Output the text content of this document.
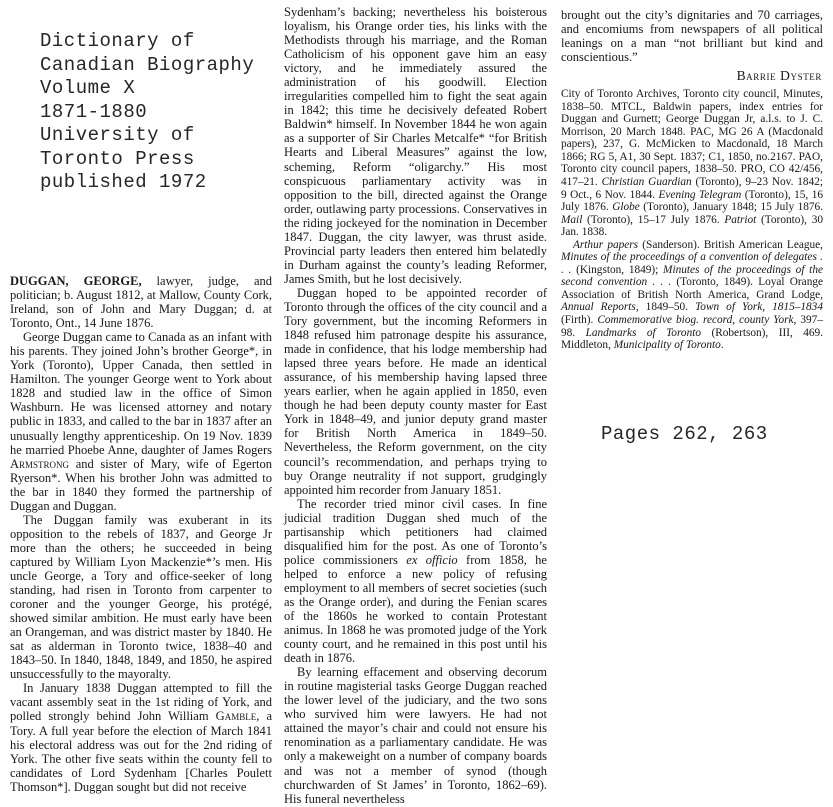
Dictionary of
Canadian Biography
Volume X
1871-1880
University of
Toronto Press
published 1972

DUGGAN, GEORGE, lawyer, judge, and politician; b. August 1812, at Mallow, County Cork, Ireland, son of John and Mary Duggan; d. at Toronto, Ont., 14 June 1876.

George Duggan came to Canada as an infant with his parents. They joined John’s brother George*, in York (Toronto), Upper Canada, then settled in Hamilton. The younger George went to York about 1828 and studied law in the office of Simon Washburn. He was licensed attorney and notary public in 1833, and called to the bar in 1837 after an unusually lengthy apprenticeship. On 19 Nov. 1839 he married Phoebe Anne, daughter of James Rogers Armstrong and sister of Mary, wife of Egerton Ryerson*. When his brother John was admitted to the bar in 1840 they formed the partnership of Duggan and Duggan.

The Duggan family was exuberant in its opposition to the rebels of 1837, and George Jr more than the others; he succeeded in being captured by William Lyon Mackenzie*’s men. His uncle George, a Tory and office-seeker of long standing, had risen in Toronto from carpenter to coroner and the younger George, his protégé, showed similar ambition. He must early have been an Orangeman, and was district master by 1840. He sat as alderman in Toronto twice, 1838–40 and 1843–50. In 1840, 1848, 1849, and 1850, he aspired unsuccessfully to the mayoralty.

In January 1838 Duggan attempted to fill the vacant assembly seat in the 1st riding of York, and polled strongly behind John William Gamble, a Tory. A full year before the election of March 1841 his electoral address was out for the 2nd riding of York. The other five seats within the county fell to candidates of Lord Sydenham [Charles Poulett Thomson*]. Duggan sought but did not receive

Sydenham’s backing; nevertheless his boisterous loyalism, his Orange order ties, his links with the Methodists through his marriage, and the Roman Catholicism of his opponent gave him an easy victory, and he immediately assured the administration of his goodwill. Election irregularities compelled him to fight the seat again in 1842; this time he decisively defeated Robert Baldwin* himself. In November 1844 he won again as a supporter of Sir Charles Metcalfe* “for British Hearts and Liberal Measures” against the low, scheming, Reform “oligarchy.” His most conspicuous parliamentary activity was in opposition to the bill, directed against the Orange order, outlawing party processions. Conservatives in the riding jockeyed for the nomination in December 1847. Duggan, the city lawyer, was thrust aside. Provincial party leaders then entered him belatedly in Durham against the county’s leading Reformer, James Smith, but he lost decisively.

Duggan hoped to be appointed recorder of Toronto through the offices of the city council and a Tory government, but the incoming Reformers in 1848 refused him patronage despite his assurance, made in confidence, that his lodge membership had lapsed three years before. He made an identical assurance, of his membership having lapsed three years earlier, when he again applied in 1850, even though he had been deputy county master for East York in 1848–49, and junior deputy grand master for British North America in 1849–50. Nevertheless, the Reform government, on the city council’s recommendation, and perhaps trying to buy Orange neutrality if not support, grudgingly appointed him recorder from January 1851.

The recorder tried minor civil cases. In fine judicial tradition Duggan shed much of the partisanship which petitioners had claimed disqualified him for the post. As one of Toronto’s police commissioners ex officio from 1858, he helped to enforce a new policy of refusing employment to all members of secret societies (such as the Orange order), and during the Fenian scares of the 1860s he worked to contain Protestant animus. In 1868 he was promoted judge of the York county court, and he remained in this post until his death in 1876.

By learning effacement and observing decorum in routine magisterial tasks George Duggan reached the lower level of the judiciary, and the two sons who survived him were lawyers. He had not attained the mayor’s chair and could not ensure his renomination as a parliamentary candidate. He was only a makeweight on a number of company boards and was not a member of synod (though churchwarden of St James’ in Toronto, 1862–69). His funeral nevertheless

brought out the city’s dignitaries and 70 carriages, and encomiums from newspapers of all political leanings on a man “not brilliant but kind and conscientious.”

Barrie Dyster

City of Toronto Archives, Toronto city council, Minutes, 1838–50. MTCL, Baldwin papers, index entries for Duggan and Gurnett; George Duggan Jr, a.l.s. to J. C. Morrison, 20 March 1848. PAC, MG 26 A (Macdonald papers), 237, G. McMicken to Macdonald, 18 March 1866; RG 5, A1, 30 Sept. 1837; C1, 1850, no.2167. PAO, Toronto city council papers, 1838–50. PRO, CO 42/456, 417–21. Christian Guardian (Toronto), 9–23 Nov. 1842; 9 Oct., 6 Nov. 1844. Evening Telegram (Toronto), 15, 16 July 1876. Globe (Toronto), January 1848; 15 July 1876. Mail (Toronto), 15–17 July 1876. Patriot (Toronto), 30 Jan. 1838.

Arthur papers (Sanderson). British American League, Minutes of the proceedings of a convention of delegates . . . (Kingston, 1849); Minutes of the proceedings of the second convention . . . (Toronto, 1849). Loyal Orange Association of British North America, Grand Lodge, Annual Reports, 1849–50. Town of York, 1815–1834 (Firth). Commemorative biog. record, county York, 397–98. Landmarks of Toronto (Robertson), III, 469. Middleton, Municipality of Toronto.

Pages 262, 263
